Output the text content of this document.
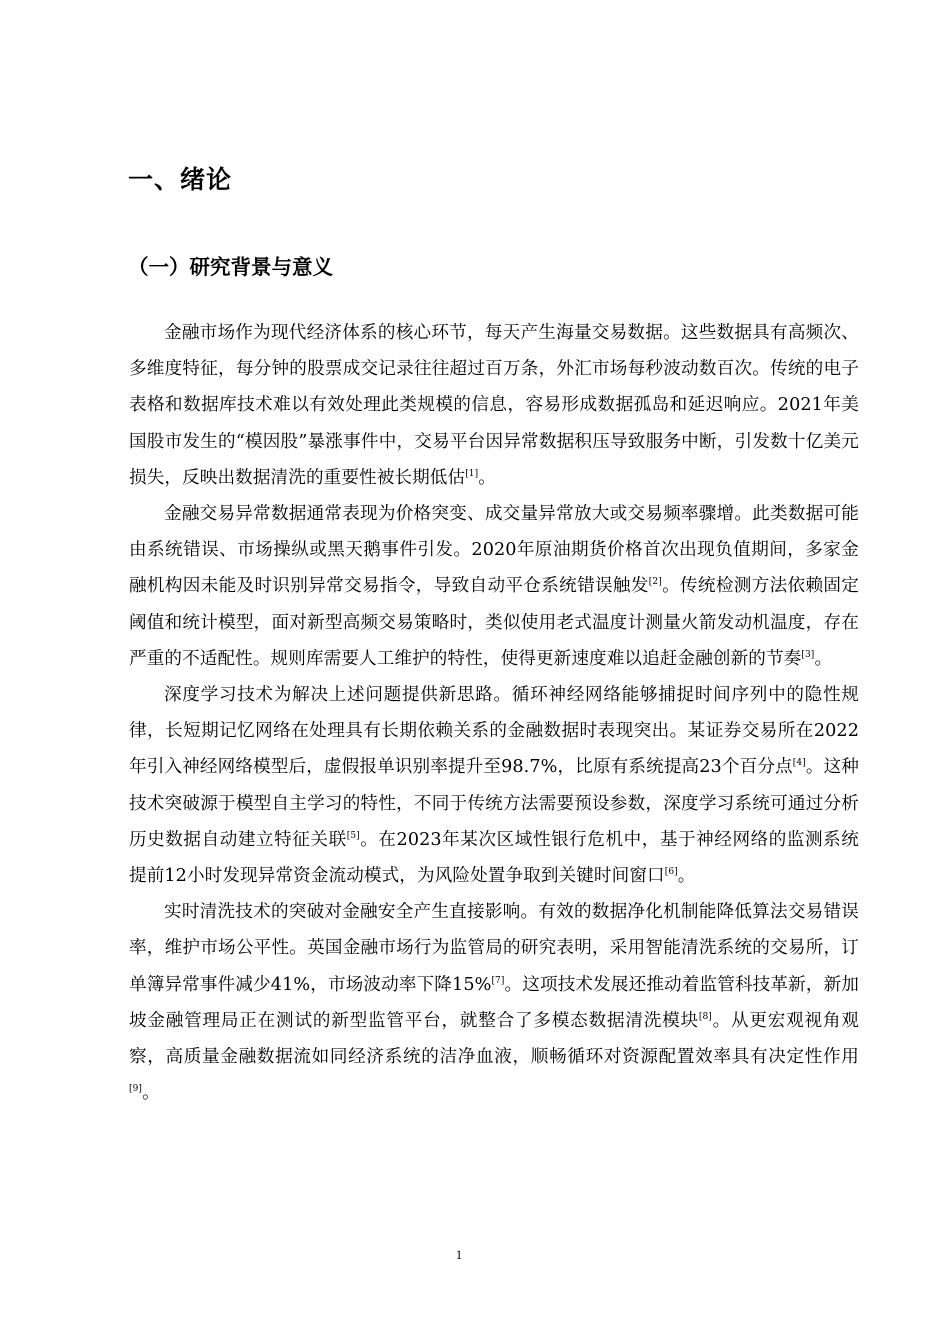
一、绪论
（一）研究背景与意义

金融市场作为现代经济体系的核心环节，每天产生海量交易数据。这些数据具有高频次、多维度特征，每分钟的股票成交记录往往超过百万条，外汇市场每秒波动数百次。传统的电子表格和数据库技术难以有效处理此类规模的信息，容易形成数据孤岛和延迟响应。2021年美国股市发生的“模因股”暴涨事件中，交易平台因异常数据积压导致服务中断，引发数十亿美元损失，反映出数据清洗的重要性被长期低估[1]。

金融交易异常数据通常表现为价格突变、成交量异常放大或交易频率骤增。此类数据可能由系统错误、市场操纵或黑天鹅事件引发。2020年原油期货价格首次出现负值期间，多家金融机构因未能及时识别异常交易指令，导致自动平仓系统错误触发[2]。传统检测方法依赖固定阈值和统计模型，面对新型高频交易策略时，类似使用老式温度计测量火箭发动机温度，存在严重的不适配性。规则库需要人工维护的特性，使得更新速度难以追赶金融创新的节奏[3]。

深度学习技术为解决上述问题提供新思路。循环神经网络能够捕捉时间序列中的隐性规律，长短期记忆网络在处理具有长期依赖关系的金融数据时表现突出。某证券交易所在2022年引入神经网络模型后，虚假报单识别率提升至98.7%，比原有系统提高23个百分点[4]。这种技术突破源于模型自主学习的特性，不同于传统方法需要预设参数，深度学习系统可通过分析历史数据自动建立特征关联[5]。在2023年某次区域性银行危机中，基于神经网络的监测系统提前12小时发现异常资金流动模式，为风险处置争取到关键时间窗口[6]。

实时清洗技术的突破对金融安全产生直接影响。有效的数据净化机制能降低算法交易错误率，维护市场公平性。英国金融市场行为监管局的研究表明，采用智能清洗系统的交易所，订单簿异常事件减少41%，市场波动率下降15%[7]。这项技术发展还推动着监管科技革新，新加坡金融管理局正在测试的新型监管平台，就整合了多模态数据清洗模块[8]。从更宏观视角观察，高质量金融数据流如同经济系统的洁净血液，顺畅循环对资源配置效率具有决定性作用[9]。

1
